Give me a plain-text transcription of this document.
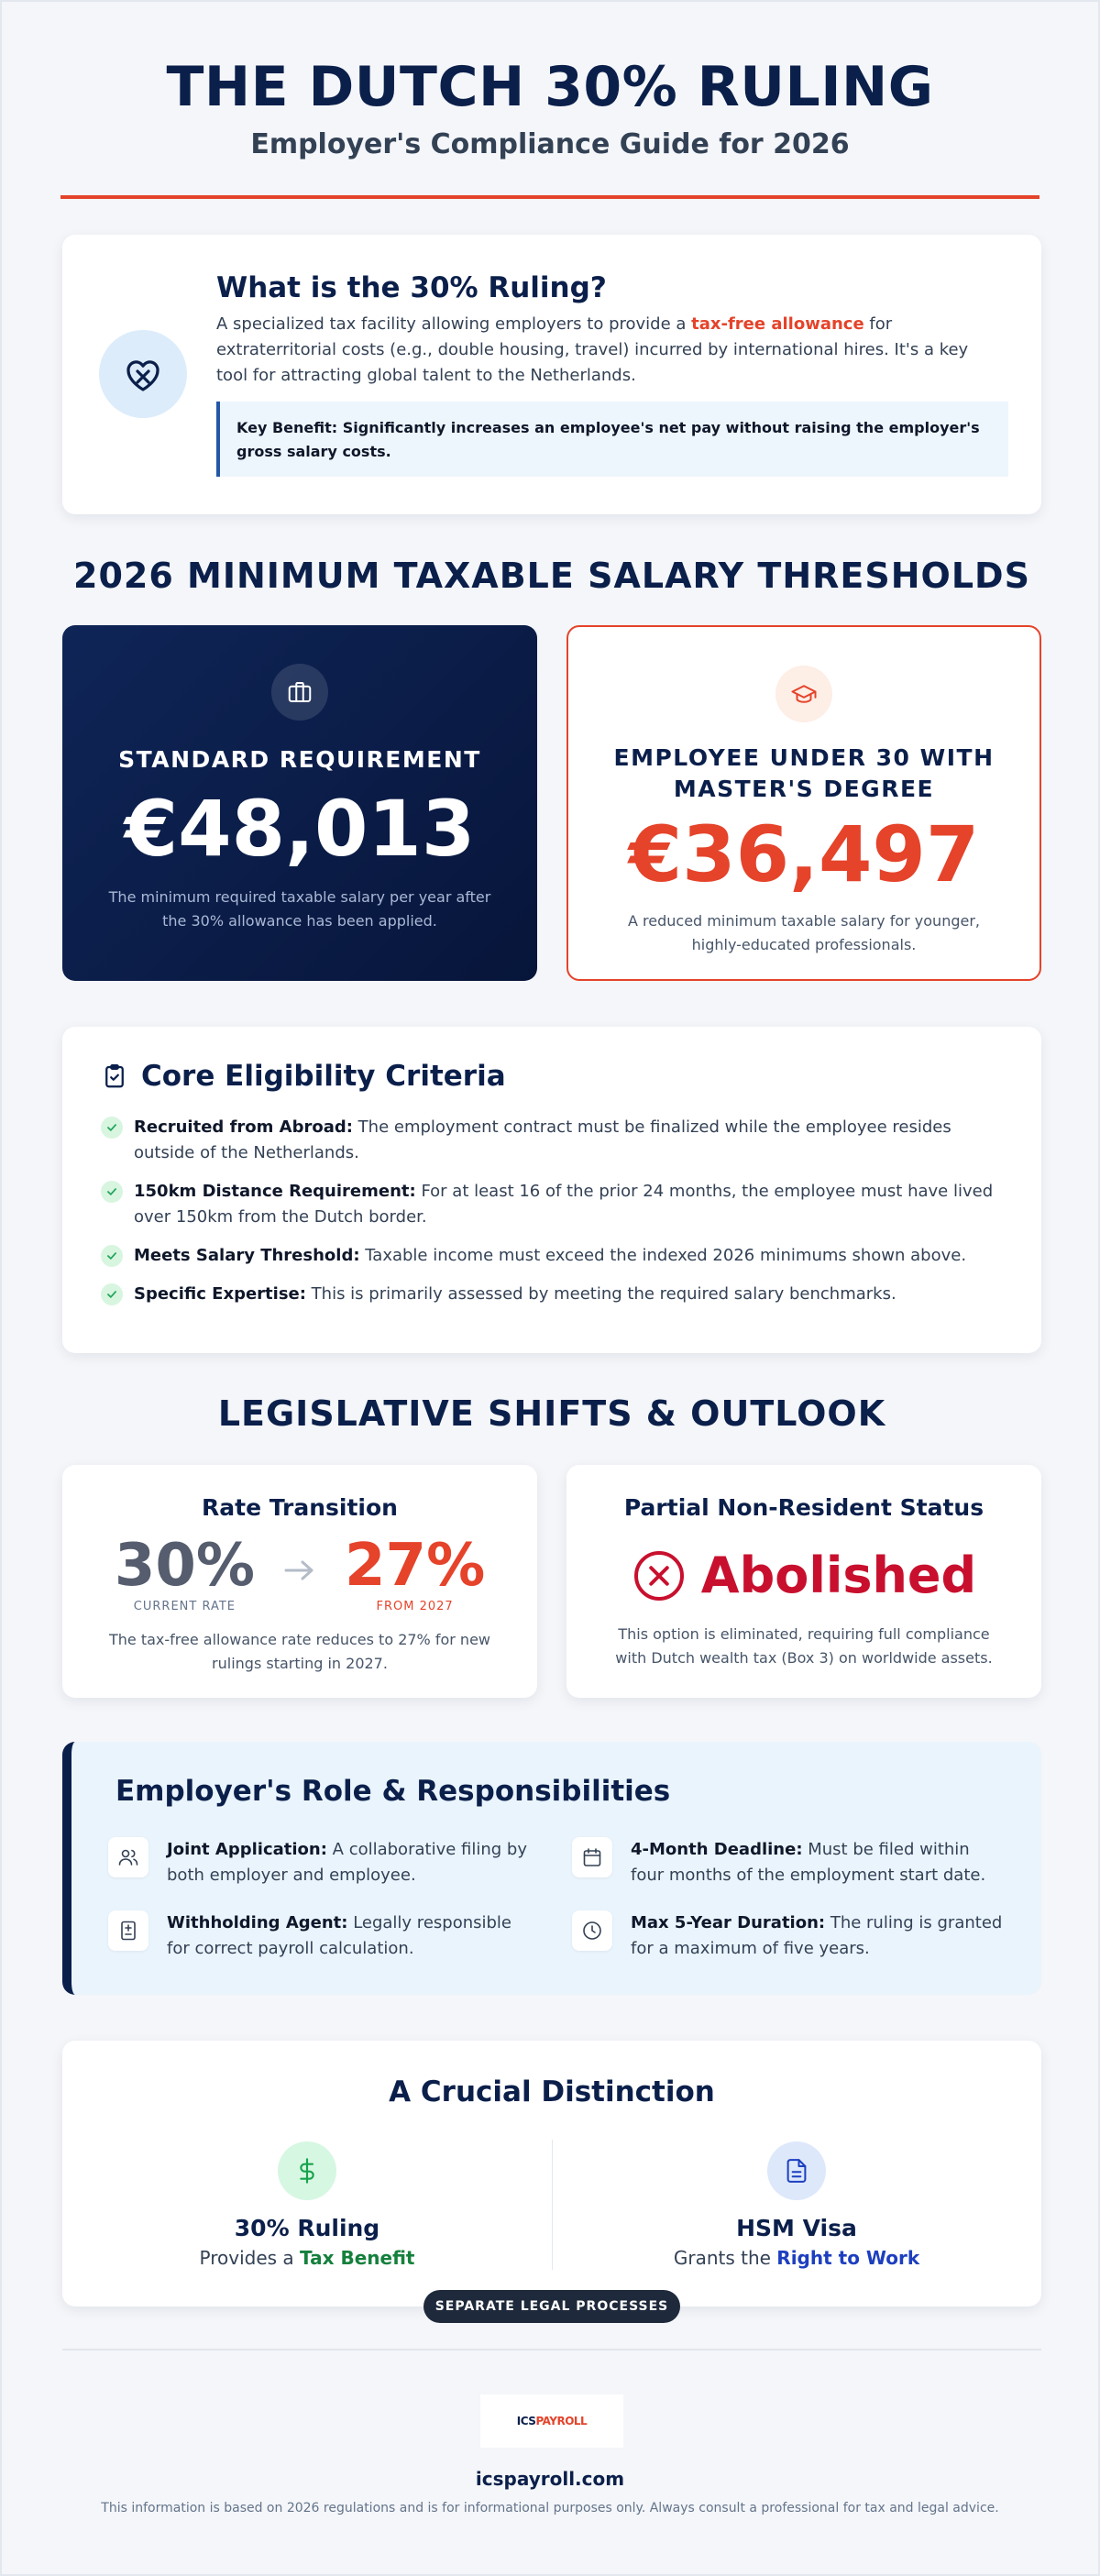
THE DUTCH 30% RULING
Employer's Compliance Guide for 2026
What is the 30% Ruling?

A specialized tax facility allowing employers to provide a tax-free allowance for extraterritorial costs (e.g., double housing, travel) incurred by international hires. It's a key tool for attracting global talent to the Netherlands.

Key Benefit: Significantly increases an employee's net pay without raising the employer's gross salary costs.
2026 MINIMUM TAXABLE SALARY THRESHOLDS
STANDARD REQUIREMENT
€48,013
The minimum required taxable salary per year after the 30% allowance has been applied.
EMPLOYEE UNDER 30 WITH MASTER'S DEGREE
€36,497
A reduced minimum taxable salary for younger, highly-educated professionals.
Core Eligibility Criteria
Recruited from Abroad: The employment contract must be finalized while the employee resides outside of the Netherlands.
150km Distance Requirement: For at least 16 of the prior 24 months, the employee must have lived over 150km from the Dutch border.
Meets Salary Threshold: Taxable income must exceed the indexed 2026 minimums shown above.
Specific Expertise: This is primarily assessed by meeting the required salary benchmarks.
LEGISLATIVE SHIFTS & OUTLOOK
Rate Transition
30%
CURRENT RATE
27%
FROM 2027
The tax-free allowance rate reduces to 27% for new rulings starting in 2027.
Partial Non-Resident Status
Abolished
This option is eliminated, requiring full compliance with Dutch wealth tax (Box 3) on worldwide assets.
Employer's Role & Responsibilities
Joint Application: A collaborative filing by both employer and employee.
4-Month Deadline: Must be filed within four months of the employment start date.
Withholding Agent: Legally responsible for correct payroll calculation.
Max 5-Year Duration: The ruling is granted for a maximum of five years.
A Crucial Distinction
30% Ruling
Provides a Tax Benefit
HSM Visa
Grants the Right to Work
SEPARATE LEGAL PROCESSES
ICSPAYROLL
icspayroll.com
This information is based on 2026 regulations and is for informational purposes only. Always consult a professional for tax and legal advice.
